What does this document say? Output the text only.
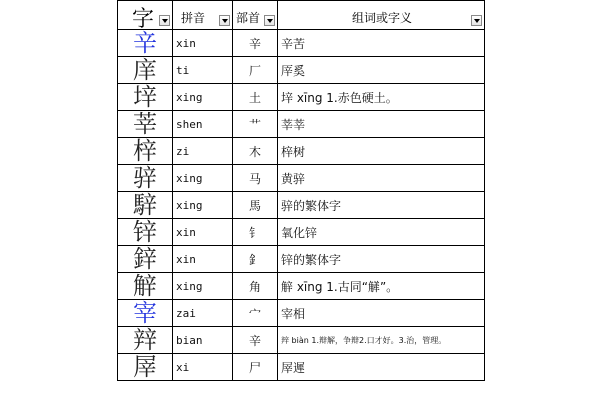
字	拼音	部首	组词或字义

辛	xin	辛	辛苦
庠	ti	厂	厗奚
垶	xing	土	垶 xīng 1.赤色硬土。
莘	shen	艹	莘莘
梓	zi	木	梓树
骍	xing	马	黄骍
騂	xing	馬	骍的繁体字
锌	xin	钅	氧化锌
鋅	xin	釒	锌的繁体字
觪	xing	角	觪 xīng 1.古同“觲”。
宰	zai	宀	宰相
辡	bian	辛	辡 biàn 1.辩解，争辩2.口才好。3.治，管理。
屖	xi	尸	屖遲
